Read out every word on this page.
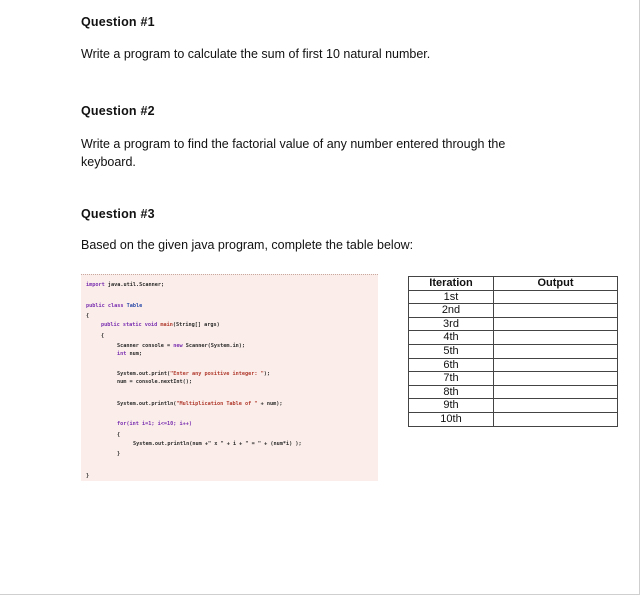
Question #1
Write a program to calculate the sum of first 10 natural number.
Question #2
Write a program to find the factorial value of any number entered through the keyboard.
Question #3
Based on the given java program, complete the table below:
import java.util.Scanner;
public class Table
{
public static void main(String[] args)
{
Scanner console = new Scanner(System.in);
int num;
System.out.print("Enter any positive integer: ");
num = console.nextInt();
System.out.println("Multiplication Table of " + num);
for(int i=1; i<=10; i++)
{
System.out.println(num +" x " + i + " = " + (num*i) );
}
}
Iteration	Output
1st	
2nd	
3rd	
4th	
5th	
6th	
7th	
8th	
9th	
10th	
